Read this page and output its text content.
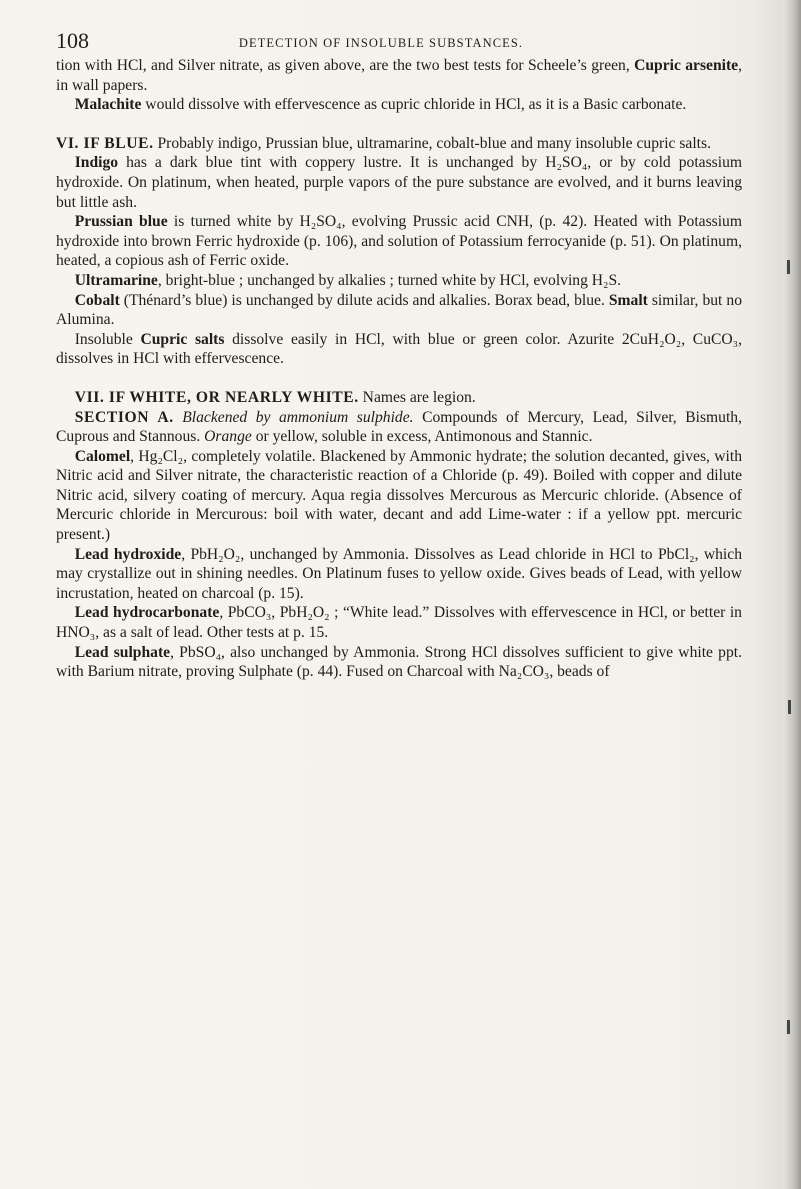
108	DETECTION OF INSOLUBLE SUBSTANCES.

tion with HCl, and Silver nitrate, as given above, are the two best tests for Scheele’s green, Cupric arsenite, in wall papers.

Malachite would dissolve with effervescence as cupric chloride in HCl, as it is a Basic carbonate.

VI. IF BLUE. Probably indigo, Prussian blue, ultramarine, cobalt-blue and many insoluble cupric salts.

Indigo has a dark blue tint with coppery lustre. It is unchanged by H₂SO₄, or by cold potassium hydroxide. On platinum, when heated, purple vapors of the pure substance are evolved, and it burns leaving but little ash.

Prussian blue is turned white by H₂SO₄, evolving Prussic acid CNH, (p. 42). Heated with Potassium hydroxide into brown Ferric hydroxide (p. 106), and solution of Potassium ferrocyanide (p. 51). On platinum, heated, a copious ash of Ferric oxide.

Ultramarine, bright-blue ; unchanged by alkalies ; turned white by HCl, evolving H₂S.

Cobalt (Thénard’s blue) is unchanged by dilute acids and alkalies. Borax bead, blue. Smalt similar, but no Alumina.

Insoluble Cupric salts dissolve easily in HCl, with blue or green color. Azurite 2CuH₂O₂, CuCO₃, dissolves in HCl with effervescence.

VII. IF WHITE, OR NEARLY WHITE. Names are legion.

SECTION A. Blackened by ammonium sulphide. Compounds of Mercury, Lead, Silver, Bismuth, Cuprous and Stannous. Orange or yellow, soluble in excess, Antimonous and Stannic.

Calomel, Hg₂Cl₂, completely volatile. Blackened by Ammonic hydrate; the solution decanted, gives, with Nitric acid and Silver nitrate, the characteristic reaction of a Chloride (p. 49). Boiled with copper and dilute Nitric acid, silvery coating of mercury. Aqua regia dissolves Mercurous as Mercuric chloride. (Absence of Mercuric chloride in Mercurous: boil with water, decant and add Lime-water : if a yellow ppt. mercuric present.)

Lead hydroxide, PbH₂O₂, unchanged by Ammonia. Dissolves as Lead chloride in HCl to PbCl₂, which may crystallize out in shining needles. On Platinum fuses to yellow oxide. Gives beads of Lead, with yellow incrustation, heated on charcoal (p. 15).

Lead hydrocarbonate, PbCO₃, PbH₂O₂ ; “White lead.” Dissolves with effervescence in HCl, or better in HNO₃, as a salt of lead. Other tests at p. 15.

Lead sulphate, PbSO₄, also unchanged by Ammonia. Strong HCl dissolves sufficient to give white ppt. with Barium nitrate, proving Sulphate (p. 44). Fused on Charcoal with Na₂CO₃, beads of
